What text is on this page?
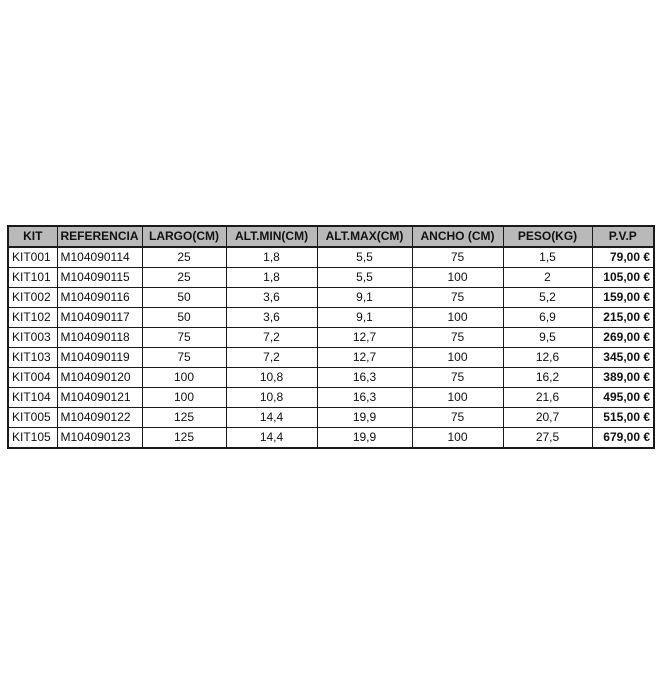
KIT	REFERENCIA	LARGO(CM)	ALT.MIN(CM)	ALT.MAX(CM)	ANCHO (CM)	PESO(KG)	P.V.P
KIT001	M104090114	25	1,8	5,5	75	1,5	79,00 €
KIT101	M104090115	25	1,8	5,5	100	2	105,00 €
KIT002	M104090116	50	3,6	9,1	75	5,2	159,00 €
KIT102	M104090117	50	3,6	9,1	100	6,9	215,00 €
KIT003	M104090118	75	7,2	12,7	75	9,5	269,00 €
KIT103	M104090119	75	7,2	12,7	100	12,6	345,00 €
KIT004	M104090120	100	10,8	16,3	75	16,2	389,00 €
KIT104	M104090121	100	10,8	16,3	100	21,6	495,00 €
KIT005	M104090122	125	14,4	19,9	75	20,7	515,00 €
KIT105	M104090123	125	14,4	19,9	100	27,5	679,00 €
